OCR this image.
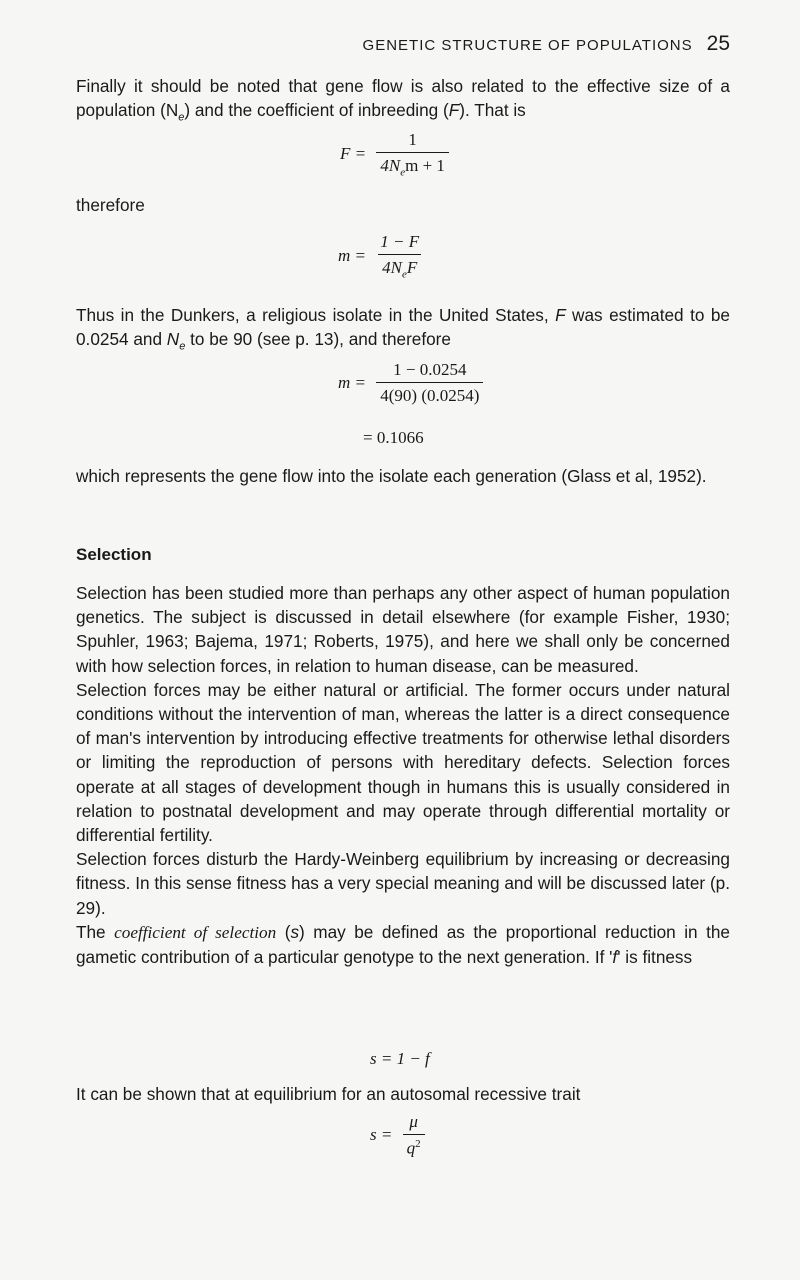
GENETIC STRUCTURE OF POPULATIONS 25

Finally it should be noted that gene flow is also related to the effective size of a population $(N_e)$ and the coefficient of inbreeding (F). That is

$F = \frac{1}{4N_em + 1}$

therefore

$m = \frac{1 - F}{4N_eF}$

Thus in the Dunkers, a religious isolate in the United States, F was estimated to be 0.0254 and $N_e$ to be 90 (see p. 13), and therefore

$m = \frac{1 - 0.0254}{4(90) (0.0254)}$
= 0.1066

which represents the gene flow into the isolate each generation (Glass et al, 1952).

Selection

Selection has been studied more than perhaps any other aspect of human population genetics. The subject is discussed in detail elsewhere (for example Fisher, 1930; Spuhler, 1963; Bajema, 1971; Roberts, 1975), and here we shall only be concerned with how selection forces, in relation to human disease, can be measured.

Selection forces may be either natural or artificial. The former occurs under natural conditions without the intervention of man, whereas the latter is a direct consequence of man's intervention by introducing effective treatments for otherwise lethal disorders or limiting the reproduction of persons with hereditary defects. Selection forces operate at all stages of development though in humans this is usually considered in relation to postnatal development and may operate through differential mortality or differential fertility.

Selection forces disturb the Hardy-Weinberg equilibrium by increasing or decreasing fitness. In this sense fitness has a very special meaning and will be discussed later (p. 29).

The coefficient of selection (s) may be defined as the proportional reduction in the gametic contribution of a particular genotype to the next generation. If 'f' is fitness

s = 1 − f

It can be shown that at equilibrium for an autosomal recessive trait

$s = \frac{\mu}{q^2}$
